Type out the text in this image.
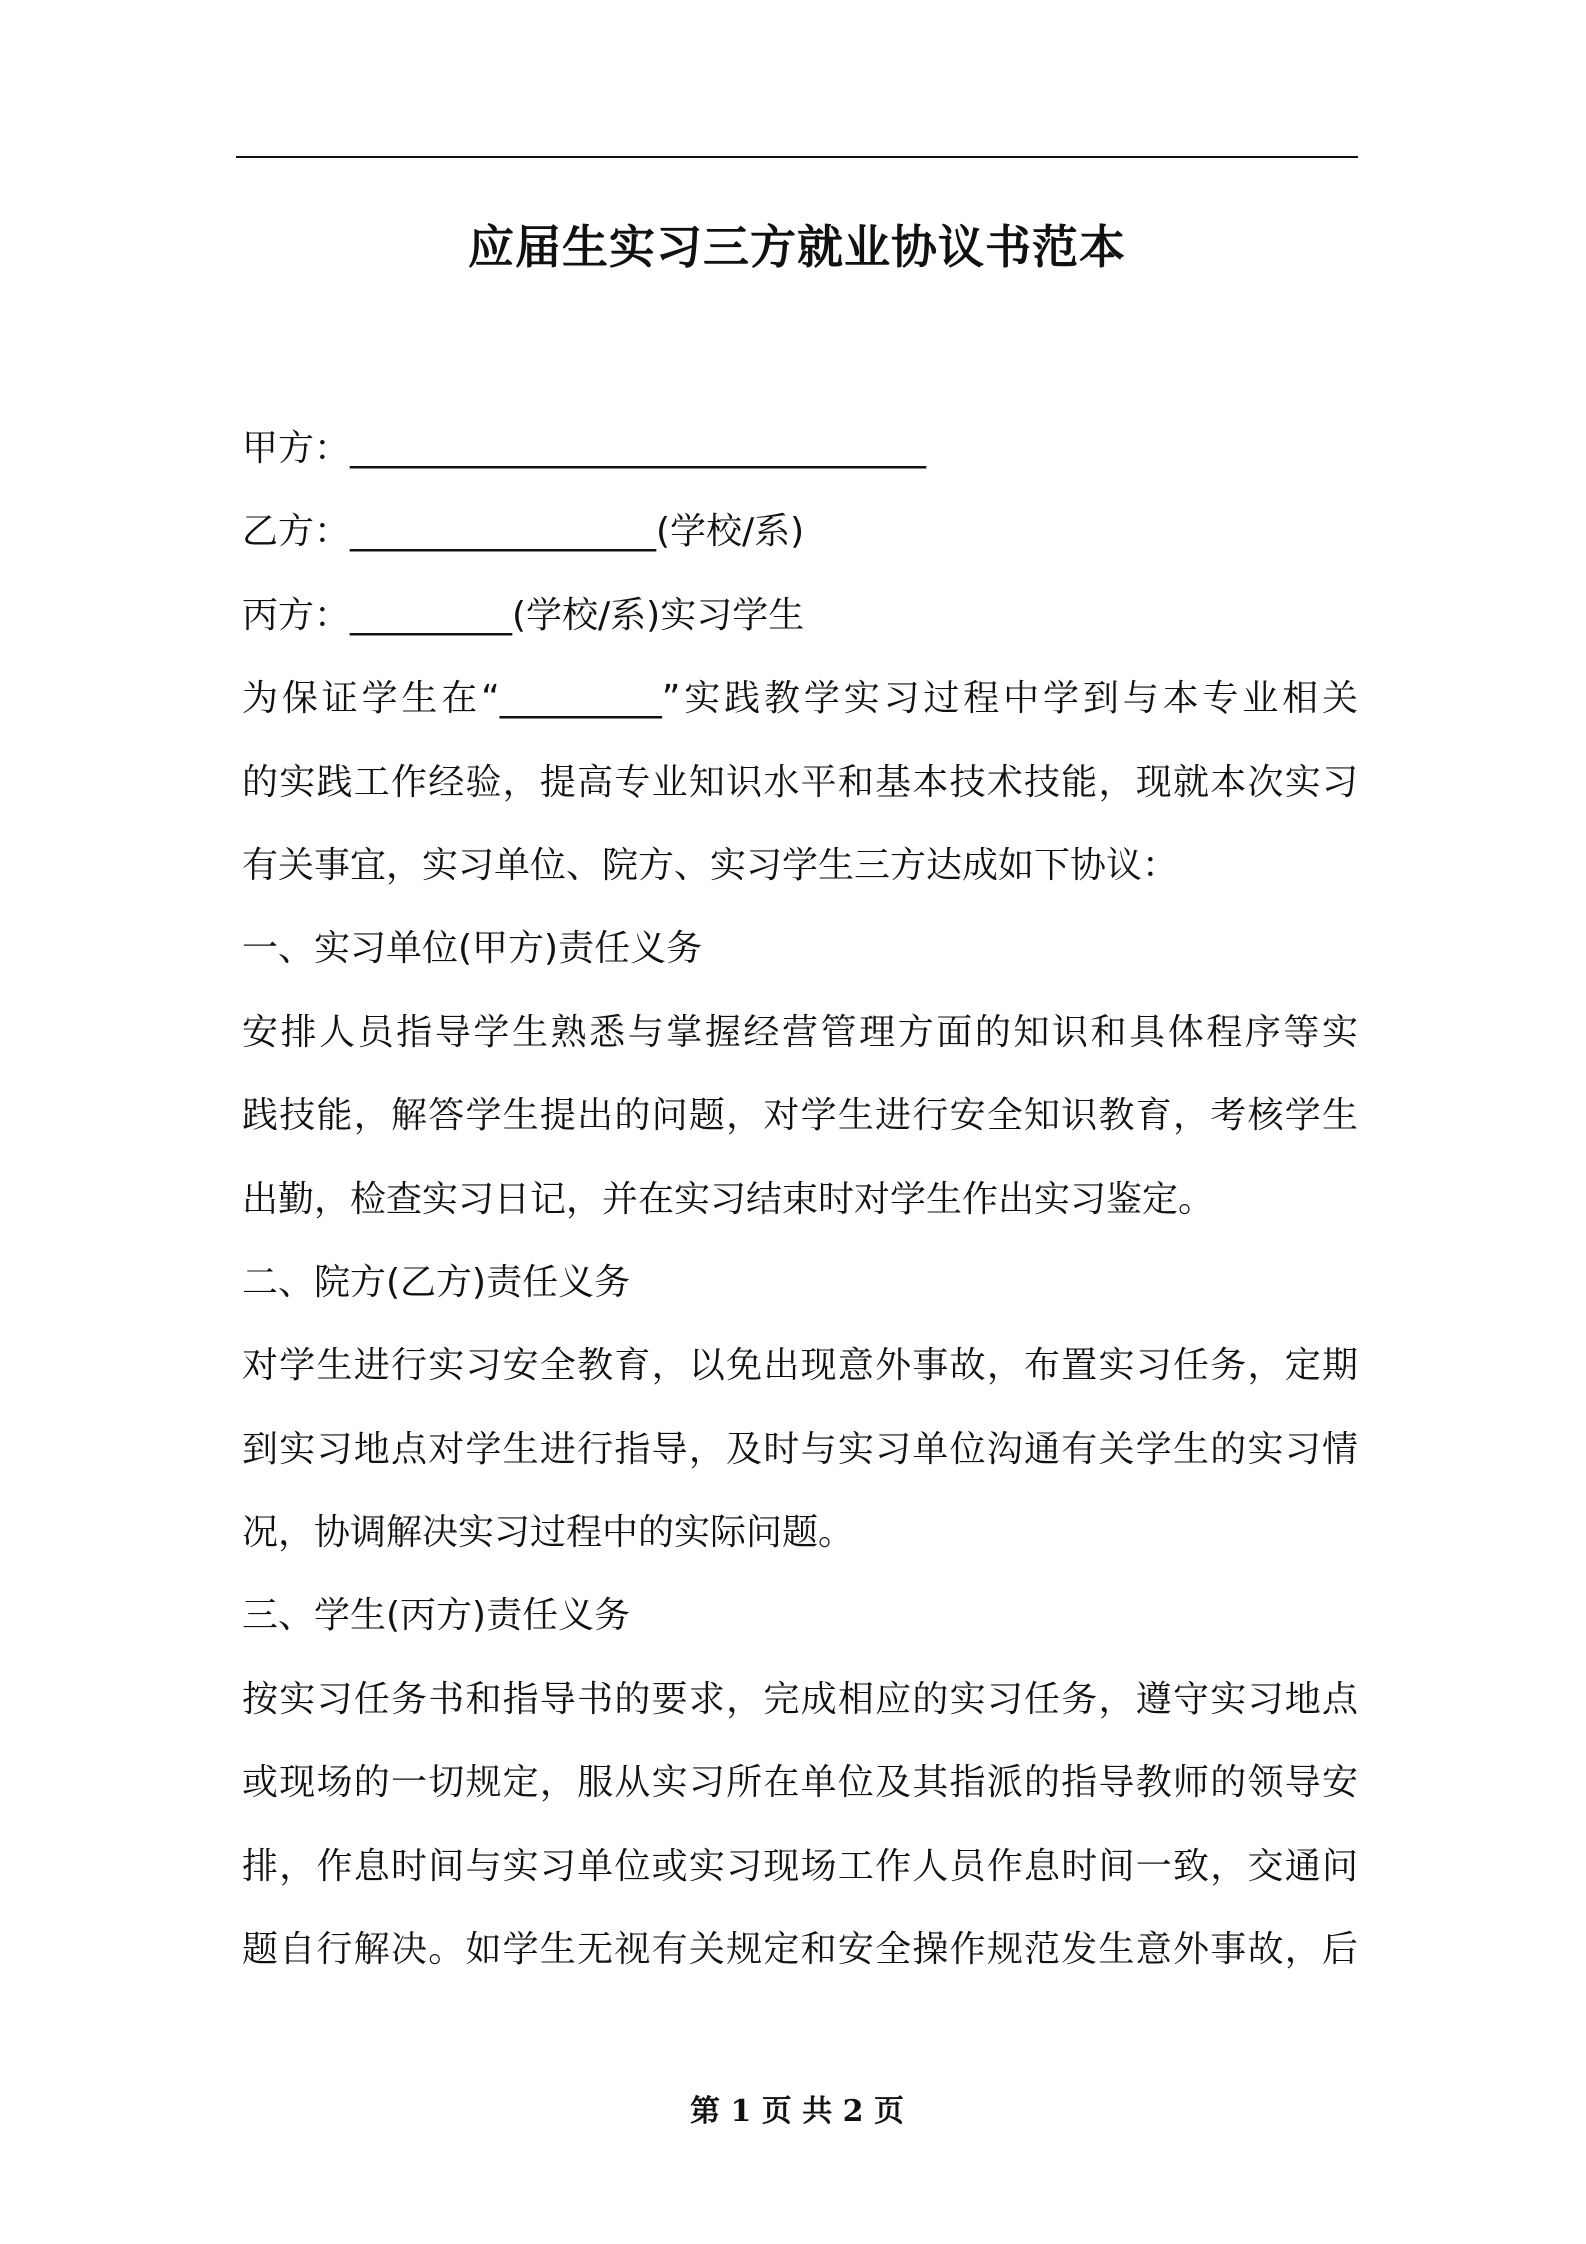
应届生实习三方就业协议书范本
甲方：________________________________
乙方：_________________(学校/系)
丙方：_________(学校/系)实习学生
为保证学生在“_________”实践教学实习过程中学到与本专业相关
的实践工作经验，提高专业知识水平和基本技术技能，现就本次实习
有关事宜，实习单位、院方、实习学生三方达成如下协议：
一、实习单位(甲方)责任义务
安排人员指导学生熟悉与掌握经营管理方面的知识和具体程序等实
践技能，解答学生提出的问题，对学生进行安全知识教育，考核学生
出勤，检查实习日记，并在实习结束时对学生作出实习鉴定。
二、院方(乙方)责任义务
对学生进行实习安全教育，以免出现意外事故，布置实习任务，定期
到实习地点对学生进行指导，及时与实习单位沟通有关学生的实习情
况，协调解决实习过程中的实际问题。
三、学生(丙方)责任义务
按实习任务书和指导书的要求，完成相应的实习任务，遵守实习地点
或现场的一切规定，服从实习所在单位及其指派的指导教师的领导安
排，作息时间与实习单位或实习现场工作人员作息时间一致，交通问
题自行解决。如学生无视有关规定和安全操作规范发生意外事故，后
第 1 页 共 2 页
